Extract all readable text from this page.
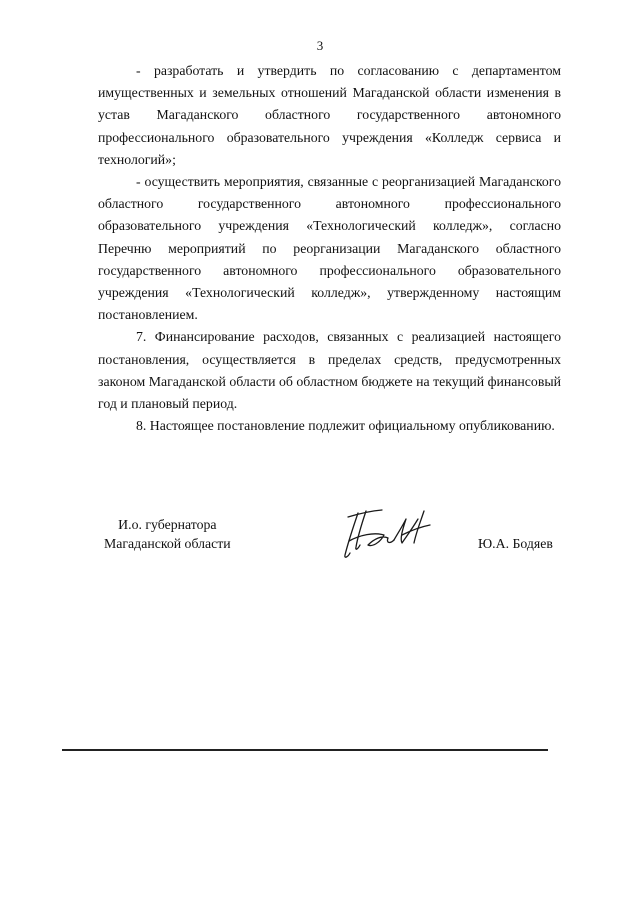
3

- разработать и утвердить по согласованию с департаментом имущественных и земельных отношений Магаданской области изменения в устав Магаданского областного государственного автономного профессионального образовательного учреждения «Колледж сервиса и технологий»;

- осуществить мероприятия, связанные с реорганизацией Магаданского областного государственного автономного профессионального образовательного учреждения «Технологический колледж», согласно Перечню мероприятий по реорганизации Магаданского областного государственного автономного профессионального образовательного учреждения «Технологический колледж», утвержденному настоящим постановлением.

7. Финансирование расходов, связанных с реализацией настоящего постановления, осуществляется в пределах средств, предусмотренных законом Магаданской области об областном бюджете на текущий финансовый год и плановый период.

8. Настоящее постановление подлежит официальному опубликованию.

И.о. губернатора
Магаданской области	Ю.А. Бодяев
